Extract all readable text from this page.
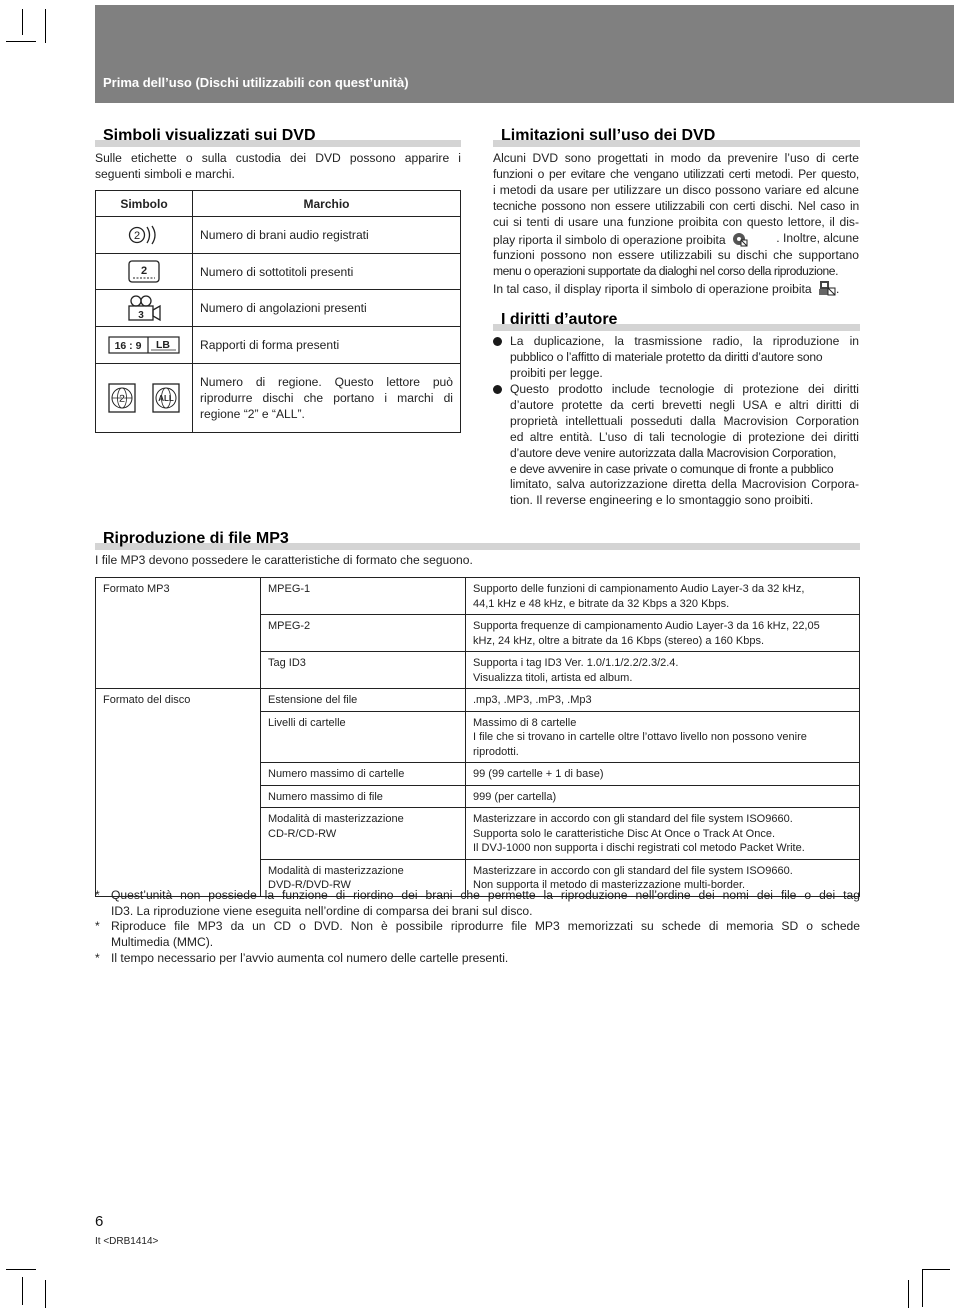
Prima dell’uso (Dischi utilizzabili con quest’unità)
Simboli visualizzati sui DVD
Sulle etichette o sulla custodia dei DVD possono apparire i
seguenti simboli e marchi.
Simbolo	Marchio

2	Numero di brani audio registrati

2	Numero di sottotitoli presenti

3	Numero di angolazioni presenti

16 : 9 LB	Rapporti di forma presenti

2 ALL	Numero di regione. Questo lettore può
riprodurre dischi che portano i marchi di
regione “2” e “ALL”.
Limitazioni sull’uso dei DVD
Alcuni DVD sono progettati in modo da prevenire l’uso di certe
funzioni o per evitare che vengano utilizzati certi metodi. Per questo,
i metodi da usare per utilizzare un disco possono variare ed alcune
tecniche possono non essere utilizzabili con certi dischi. Nel caso in
cui si tenti di usare una funzione proibita con questo lettore, il dis-
play riporta il simbolo di operazione proibita	. Inoltre, alcune
funzioni possono non essere utilizzabili su dischi che supportano
menu o operazioni supportate da dialoghi nel corso della riproduzione.
In tal caso, il display riporta il simbolo di operazione proibita .
I diritti d’autore
La duplicazione, la trasmissione radio, la riproduzione in
pubblico o l’affitto di materiale protetto da diritti d’autore sono
proibiti per legge.
Questo prodotto include tecnologie di protezione dei diritti
d’autore protette da certi brevetti negli USA e altri diritti di
proprietà intellettuali posseduti dalla Macrovision Corporation
ed altre entità. L’uso di tali tecnologie di protezione dei diritti
d’autore deve venire autorizzata dalla Macrovision Corporation,
e deve avvenire in case private o comunque di fronte a pubblico
limitato, salva autorizzazione diretta della Macrovision Corpora-
tion. Il reverse engineering e lo smontaggio sono proibiti.
Riproduzione di file MP3
I file MP3 devono possedere le caratteristiche di formato che seguono.
Formato MP3	MPEG-1	Supporto delle funzioni di campionamento Audio Layer-3 da 32 kHz,
44,1 kHz e 48 kHz, e bitrate da 32 Kbps a 320 Kbps.

	MPEG-2	Supporta frequenze di campionamento Audio Layer-3 da 16 kHz, 22,05
kHz, 24 kHz, oltre a bitrate da 16 Kbps (stereo) a 160 Kbps.

	Tag ID3	Supporta i tag ID3 Ver. 1.0/1.1/2.2/2.3/2.4.
Visualizza titoli, artista ed album.

Formato del disco	Estensione del file	.mp3, .MP3, .mP3, .Mp3

	Livelli di cartelle	Massimo di 8 cartelle
I file che si trovano in cartelle oltre l’ottavo livello non possono venire
riprodotti.

	Numero massimo di cartelle	99 (99 cartelle + 1 di base)

	Numero massimo di file	999 (per cartella)

	Modalità di masterizzazione
CD-R/CD-RW	Masterizzare in accordo con gli standard del file system ISO9660.
Supporta solo le caratteristiche Disc At Once o Track At Once.
Il DVJ-1000 non supporta i dischi registrati col metodo Packet Write.

	Modalità di masterizzazione
DVD-R/DVD-RW	Masterizzare in accordo con gli standard del file system ISO9660.
Non supporta il metodo di masterizzazione multi-border.
* Quest’unità non possiede la funzione di riordino dei brani che permette la riproduzione nell’ordine dei nomi dei file o dei tag
ID3. La riproduzione viene eseguita nell’ordine di comparsa dei brani sul disco.
* Riproduce file MP3 da un CD o DVD. Non è possibile riprodurre file MP3 memorizzati su schede di memoria SD o schede
Multimedia (MMC).
* Il tempo necessario per l’avvio aumenta col numero delle cartelle presenti.
6
It <DRB1414>
